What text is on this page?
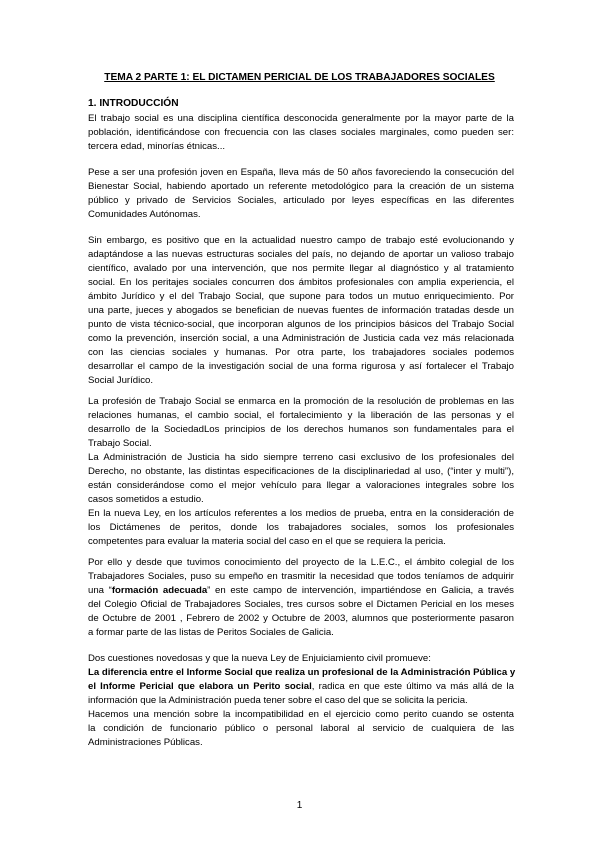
TEMA 2 PARTE 1: EL DICTAMEN PERICIAL DE LOS TRABAJADORES SOCIALES
1. INTRODUCCIÓN
El trabajo social es una disciplina científica desconocida generalmente por la mayor parte de la
población, identificándose con frecuencia con las clases sociales marginales, como pueden ser:
tercera edad, minorías étnicas...
Pese a ser una profesión joven en España, lleva más de 50 años favoreciendo la consecución del
Bienestar Social, habiendo aportado un referente metodológico para la creación de un sistema
público y privado de Servicios Sociales, articulado por leyes específicas en las diferentes
Comunidades Autónomas.
Sin embargo, es positivo que en la actualidad nuestro campo de trabajo esté evolucionando y
adaptándose a las nuevas estructuras sociales del país, no dejando de aportar un valioso trabajo
científico, avalado por una intervención, que nos permite llegar al diagnóstico y al tratamiento
social. En los peritajes sociales concurren dos ámbitos profesionales con amplia experiencia, el
ámbito Jurídico y el del Trabajo Social, que supone para todos un mutuo enriquecimiento. Por
una parte, jueces y abogados se benefician de nuevas fuentes de información tratadas desde un
punto de vista técnico-social, que incorporan algunos de los principios básicos del Trabajo Social
como la prevención, inserción social, a una Administración de Justicia cada vez más relacionada
con las ciencias sociales y humanas. Por otra parte, los trabajadores sociales podemos
desarrollar el campo de la investigación social de una forma rigurosa y así fortalecer el Trabajo
Social Jurídico.
La profesión de Trabajo Social se enmarca en la promoción de la resolución de problemas en las
relaciones humanas, el cambio social, el fortalecimiento y la liberación de las personas y el
desarrollo de la SociedadLos principios de los derechos humanos son fundamentales para el
Trabajo Social.
La Administración de Justicia ha sido siempre terreno casi exclusivo de los profesionales del
Derecho, no obstante, las distintas especificaciones de la disciplinariedad al uso, (“inter y multi”),
están considerándose como el mejor vehículo para llegar a valoraciones integrales sobre los
casos sometidos a estudio.
En la nueva Ley, en los artículos referentes a los medios de prueba, entra en la consideración de
los Dictámenes de peritos, donde los trabajadores sociales, somos los profesionales
competentes para evaluar la materia social del caso en el que se requiera la pericia.
Por ello y desde que tuvimos conocimiento del proyecto de la L.E.C., el ámbito colegial de los
Trabajadores Sociales, puso su empeño en trasmitir la necesidad que todos teníamos de adquirir
una “formación adecuada” en este campo de intervención, impartiéndose en Galicia, a través
del Colegio Oficial de Trabajadores Sociales, tres cursos sobre el Dictamen Pericial en los meses
de Octubre de 2001 , Febrero de 2002 y Octubre de 2003, alumnos que posteriormente pasaron
a formar parte de las listas de Peritos Sociales de Galicia.
Dos cuestiones novedosas y que la nueva Ley de Enjuiciamiento civil promueve:
La diferencia entre el Informe Social que realiza un profesional de la Administración Pública y
el Informe Pericial que elabora un Perito social, radica en que este último va más allá de la
información que la Administración pueda tener sobre el caso del que se solicita la pericia.
Hacemos una mención sobre la incompatibilidad en el ejercicio como perito cuando se ostenta
la condición de funcionario público o personal laboral al servicio de cualquiera de las
Administraciones Públicas.
1
